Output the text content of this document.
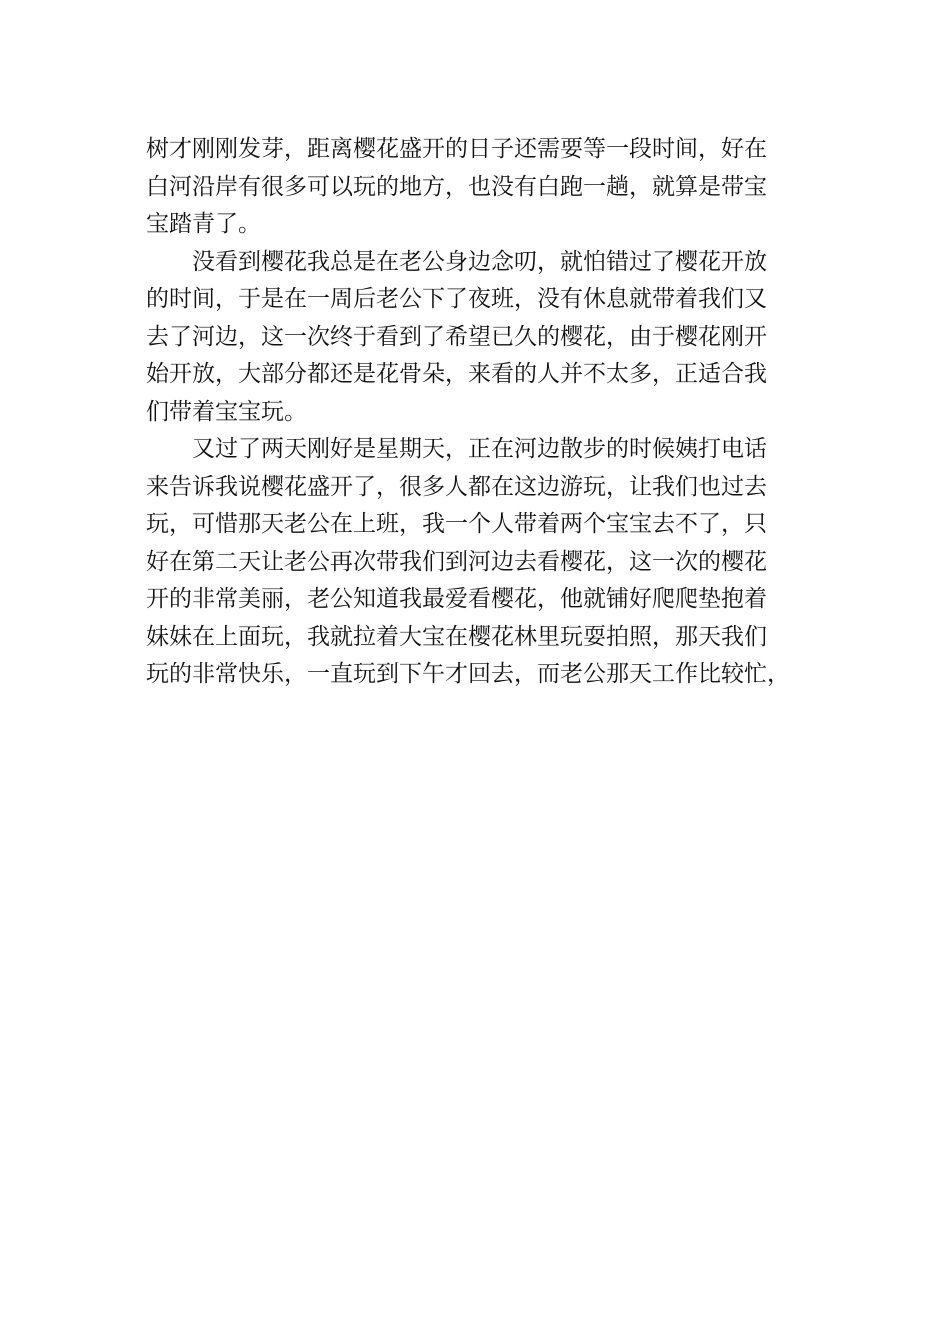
树才刚刚发芽，距离樱花盛开的日子还需要等一段时间，好在
白河沿岸有很多可以玩的地方，也没有白跑一趟，就算是带宝
宝踏青了。
　　没看到樱花我总是在老公身边念叨，就怕错过了樱花开放
的时间，于是在一周后老公下了夜班，没有休息就带着我们又
去了河边，这一次终于看到了希望已久的樱花，由于樱花刚开
始开放，大部分都还是花骨朵，来看的人并不太多，正适合我
们带着宝宝玩。
　　又过了两天刚好是星期天，正在河边散步的时候姨打电话
来告诉我说樱花盛开了，很多人都在这边游玩，让我们也过去
玩，可惜那天老公在上班，我一个人带着两个宝宝去不了，只
好在第二天让老公再次带我们到河边去看樱花，这一次的樱花
开的非常美丽，老公知道我最爱看樱花，他就铺好爬爬垫抱着
妹妹在上面玩，我就拉着大宝在樱花林里玩耍拍照，那天我们
玩的非常快乐，一直玩到下午才回去，而老公那天工作比较忙，
